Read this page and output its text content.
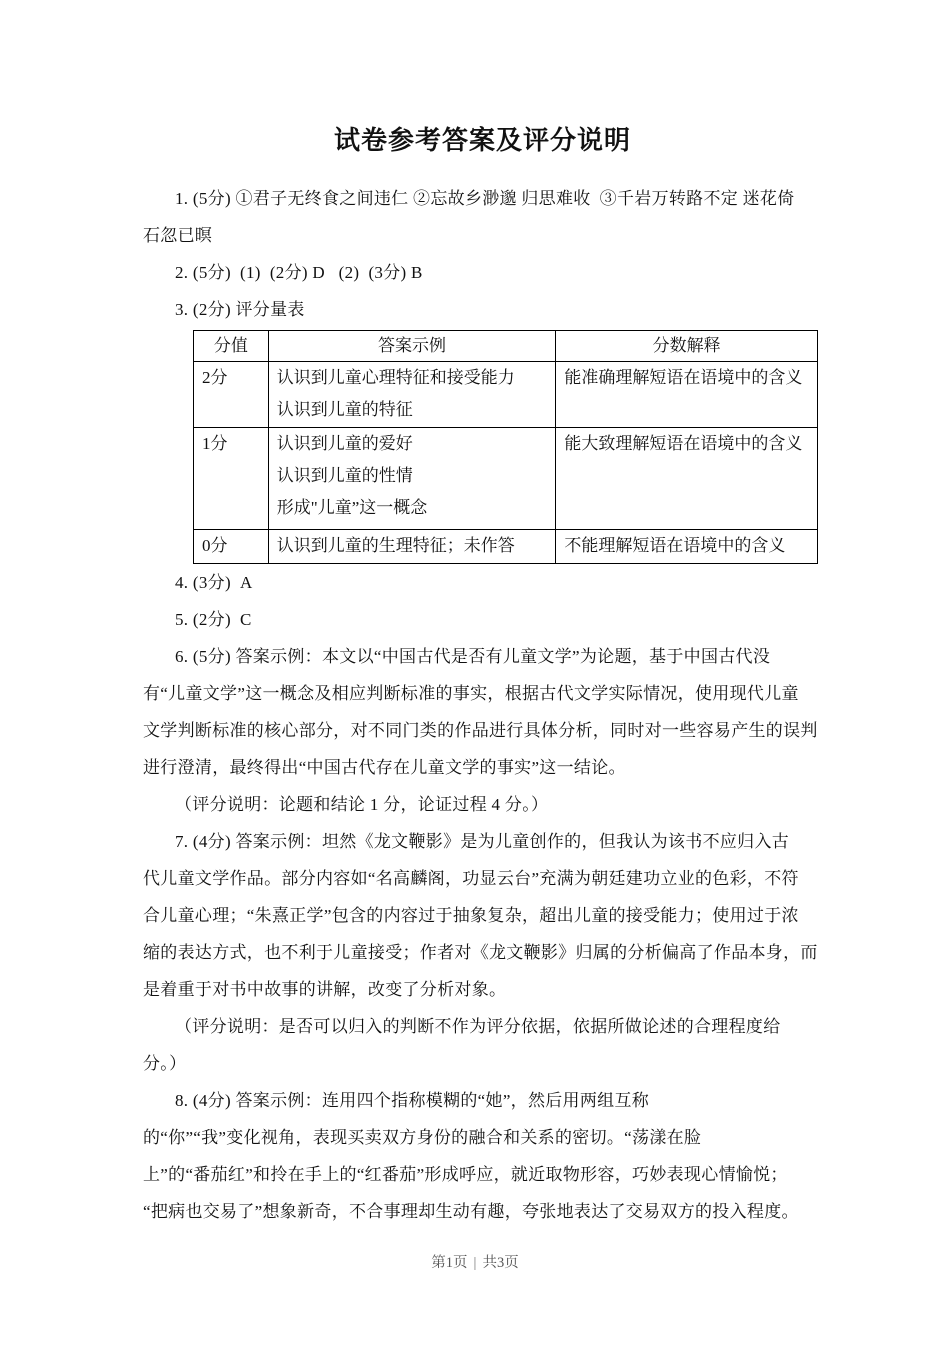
试卷参考答案及评分说明
1. (5分) ①君子无终食之间违仁 ②忘故乡渺邈 归思难收  ③千岩万转路不定 迷花倚
石忽已暝
2. (5分)  (1)  (2分) D   (2)  (3分) B
3. (2分) 评分量表
分值	答案示例	分数解释

2分	认识到儿童心理特征和接受能力
认识到儿童的特征	能准确理解短语在语境中的含义

1分	认识到儿童的爱好
认识到儿童的性情
形成"儿童”这一概念	能大致理解短语在语境中的含义

0分	认识到儿童的生理特征；未作答	不能理解短语在语境中的含义
4. (3分)  A
5. (2分)  C
6. (5分) 答案示例：本文以“中国古代是否有儿童文学”为论题，基于中国古代没
有“儿童文学”这一概念及相应判断标准的事实，根据古代文学实际情况，使用现代儿童
文学判断标准的核心部分，对不同门类的作品进行具体分析，同时对一些容易产生的误判
进行澄清，最终得出“中国古代存在儿童文学的事实”这一结论。
（评分说明：论题和结论 1 分，论证过程 4 分。）
7. (4分) 答案示例：坦然《龙文鞭影》是为儿童创作的，但我认为该书不应归入古
代儿童文学作品。部分内容如“名高麟阁，功显云台”充满为朝廷建功立业的色彩，不符
合儿童心理；“朱熹正学”包含的内容过于抽象复杂，超出儿童的接受能力；使用过于浓
缩的表达方式，也不利于儿童接受；作者对《龙文鞭影》归属的分析偏高了作品本身，而
是着重于对书中故事的讲解，改变了分析对象。
（评分说明：是否可以归入的判断不作为评分依据，依据所做论述的合理程度给
分。）
8. (4分) 答案示例：连用四个指称模糊的“她”，然后用两组互称
的“你”“我”变化视角，表现买卖双方身份的融合和关系的密切。“荡漾在脸
上”的“番茄红”和拎在手上的“红番茄”形成呼应，就近取物形容，巧妙表现心情愉悦；
“把病也交易了”想象新奇，不合事理却生动有趣，夸张地表达了交易双方的投入程度。
第1页 | 共3页
